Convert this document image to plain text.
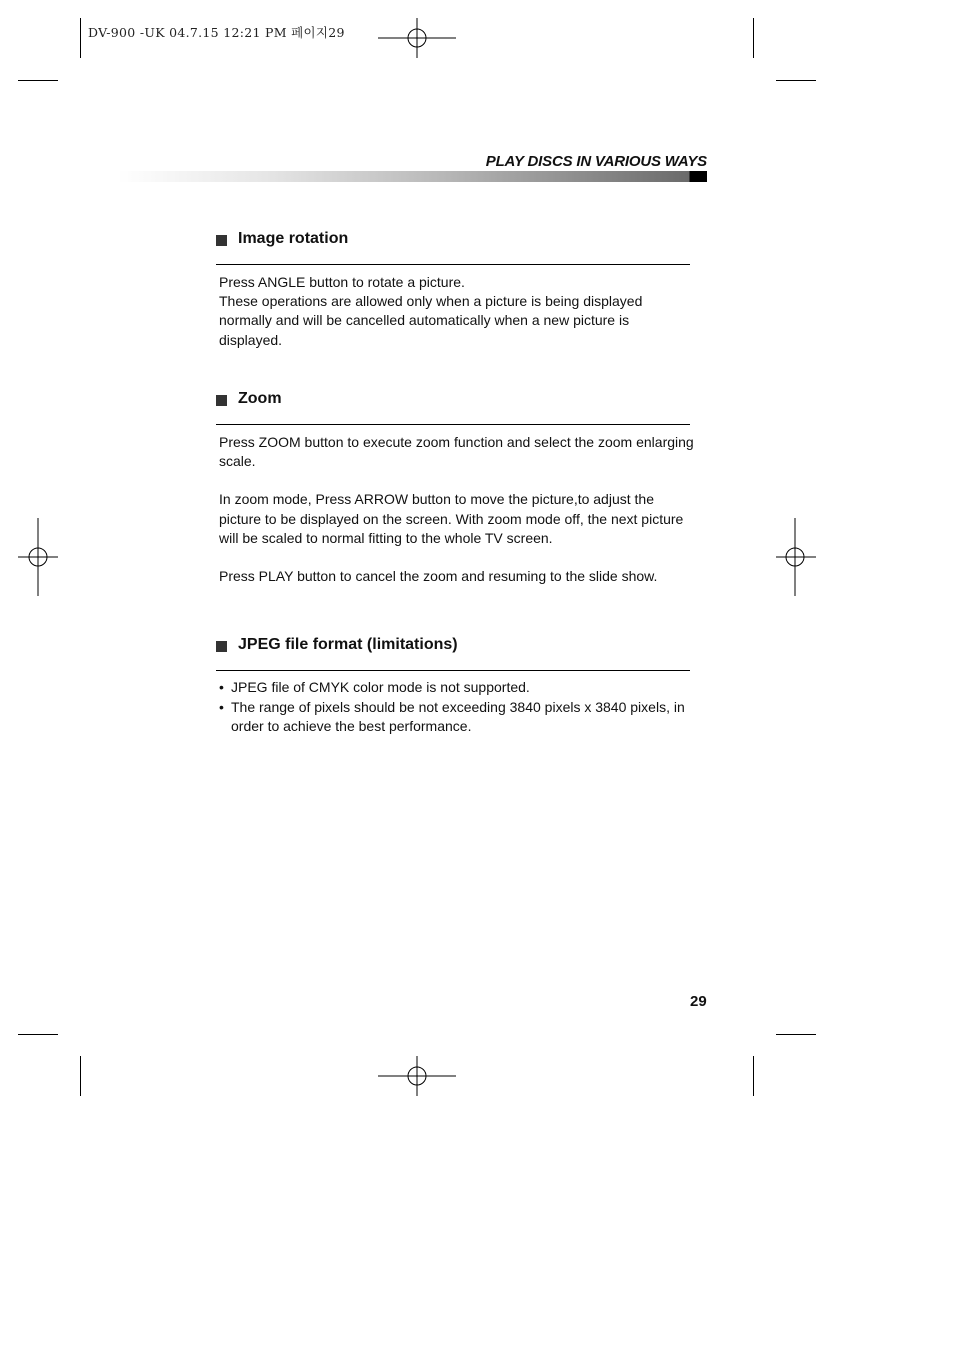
DV-900 -UK 04.7.15 12:21 PM 페이지29
PLAY DISCS IN VARIOUS WAYS
Image rotation

Press ANGLE button to rotate a picture.

These operations are allowed only when a picture is being displayed normally and will be cancelled automatically when a new picture is displayed.

Zoom

Press ZOOM button to execute zoom function and select the zoom enlarging scale.

In zoom mode, Press ARROW button to move the picture,to adjust the picture to be displayed on the screen. With zoom mode off, the next picture will be scaled to normal fitting to the whole TV screen.

Press PLAY button to cancel the zoom and resuming to the slide show.

JPEG file format (limitations)
• JPEG file of CMYK color mode is not supported.
• The range of pixels should be not exceeding 3840 pixels x 3840 pixels, in order to achieve the best performance.
29
